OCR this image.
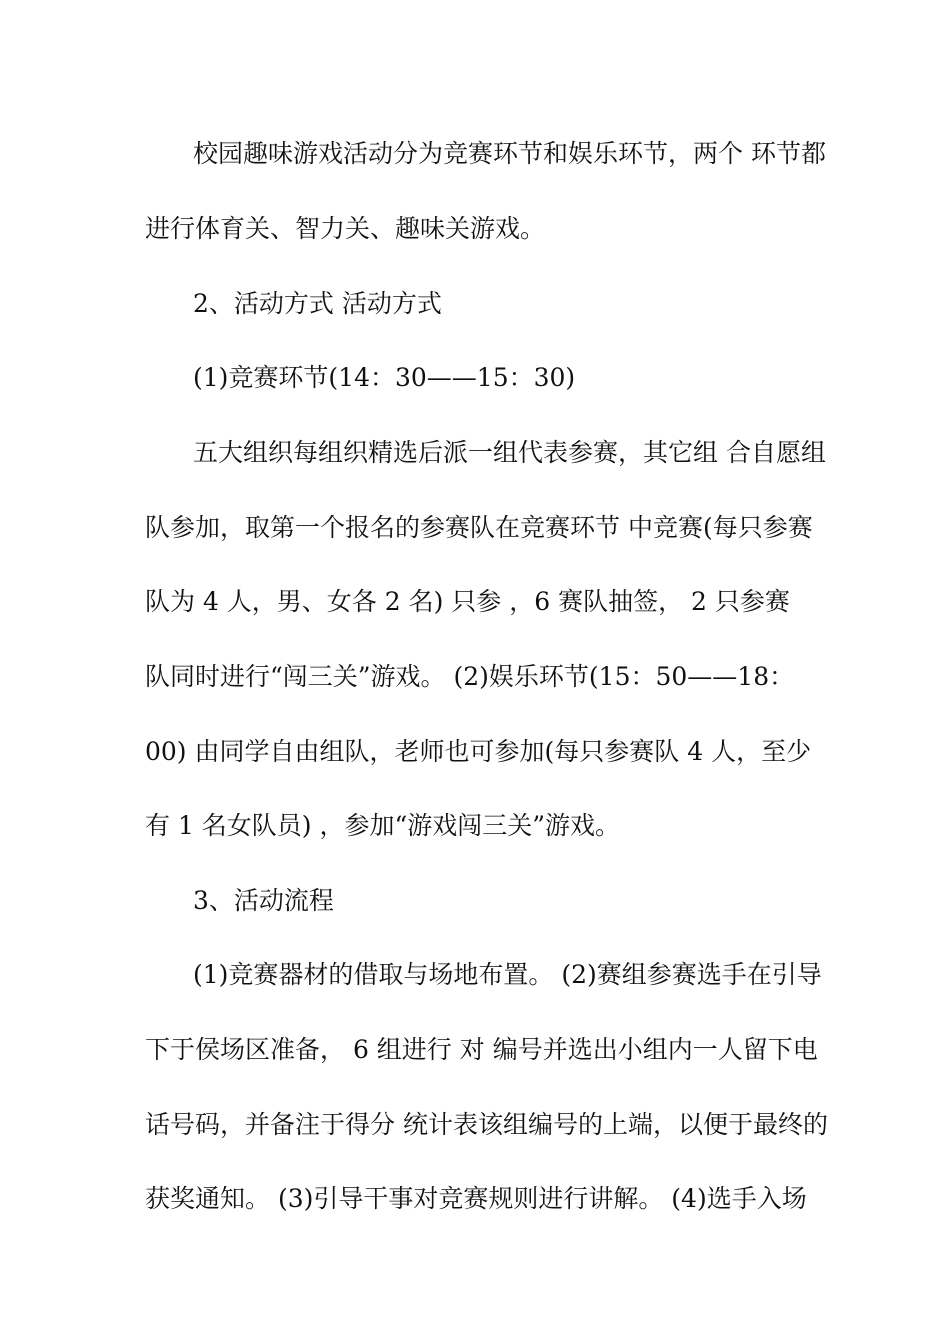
校园趣味游戏活动分为竞赛环节和娱乐环节，两个 环节都
进行体育关、智力关、趣味关游戏。
2、活动方式 活动方式
(1)竞赛环节(14：30——15：30)
五大组织每组织精选后派一组代表参赛，其它组 合自愿组
队参加，取第一个报名的参赛队在竞赛环节 中竞赛(每只参赛
队为 4 人，男、女各 2 名) 只参 ，6 赛队抽签， 2 只参赛
队同时进行“闯三关”游戏。 (2)娱乐环节(15：50——18：
00) 由同学自由组队，老师也可参加(每只参赛队 4 人，至少
有 1 名女队员) ，参加“游戏闯三关”游戏。
3、活动流程
(1)竞赛器材的借取与场地布置。 (2)赛组参赛选手在引导
下于侯场区准备， 6 组进行 对 编号并选出小组内一人留下电
话号码，并备注于得分 统计表该组编号的上端，以便于最终的
获奖通知。 (3)引导干事对竞赛规则进行讲解。 (4)选手入场
